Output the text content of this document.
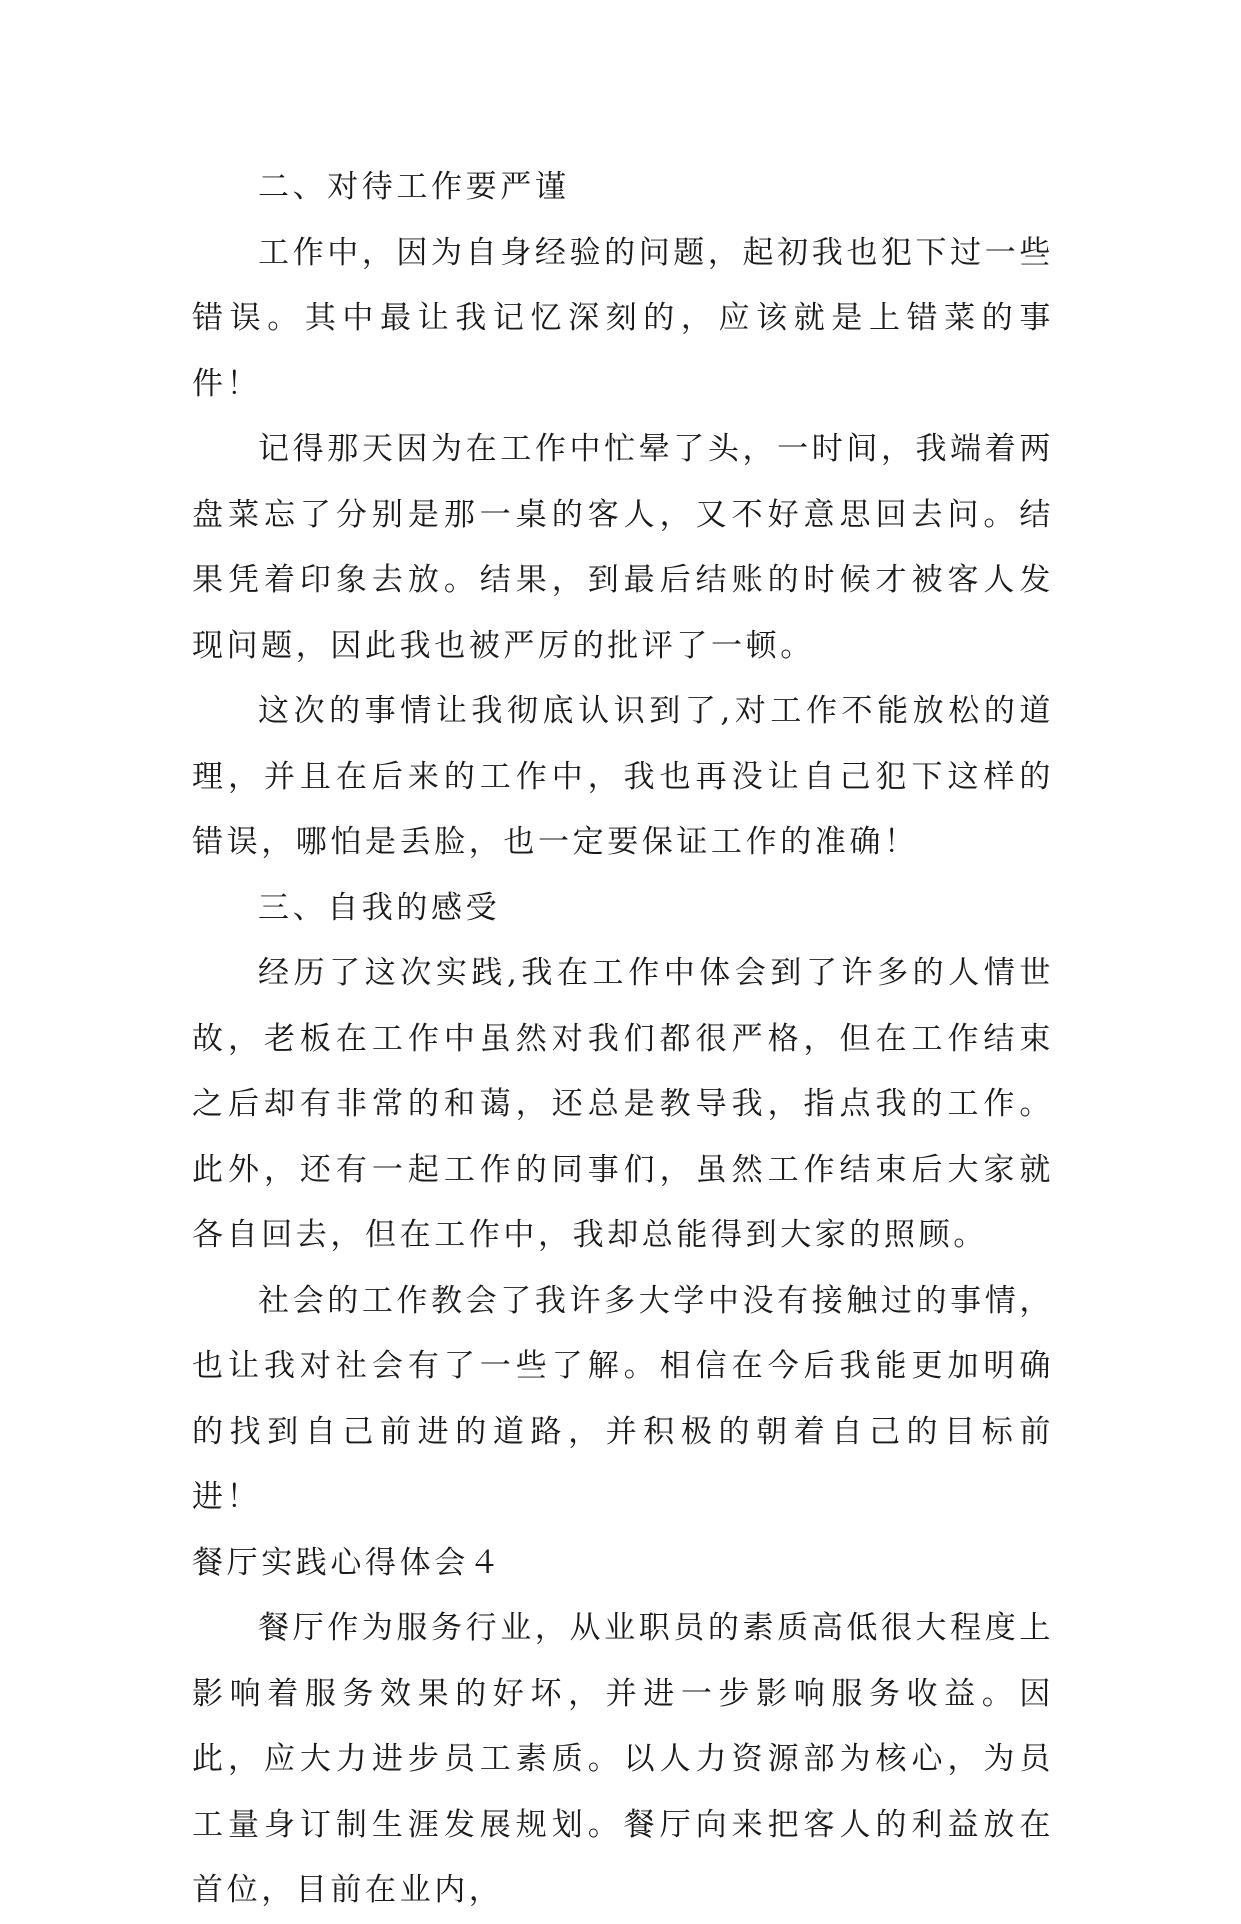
二、对待工作要严谨

工作中，因为自身经验的问题，起初我也犯下过一些错误。其中最让我记忆深刻的，应该就是上错菜的事件！

记得那天因为在工作中忙晕了头，一时间，我端着两盘菜忘了分别是那一桌的客人，又不好意思回去问。结果凭着印象去放。结果，到最后结账的时候才被客人发现问题，因此我也被严厉的批评了一顿。

这次的事情让我彻底认识到了,对工作不能放松的道理，并且在后来的工作中，我也再没让自己犯下这样的错误，哪怕是丢脸，也一定要保证工作的准确！

三、自我的感受

经历了这次实践,我在工作中体会到了许多的人情世故，老板在工作中虽然对我们都很严格，但在工作结束之后却有非常的和蔼，还总是教导我，指点我的工作。此外，还有一起工作的同事们，虽然工作结束后大家就各自回去，但在工作中，我却总能得到大家的照顾。

社会的工作教会了我许多大学中没有接触过的事情，也让我对社会有了一些了解。相信在今后我能更加明确的找到自己前进的道路，并积极的朝着自己的目标前进！

餐厅实践心得体会４

餐厅作为服务行业，从业职员的素质高低很大程度上影响着服务效果的好坏，并进一步影响服务收益。因此，应大力进步员工素质。以人力资源部为核心，为员工量身订制生涯发展规划。餐厅向来把客人的利益放在首位，目前在业内，
